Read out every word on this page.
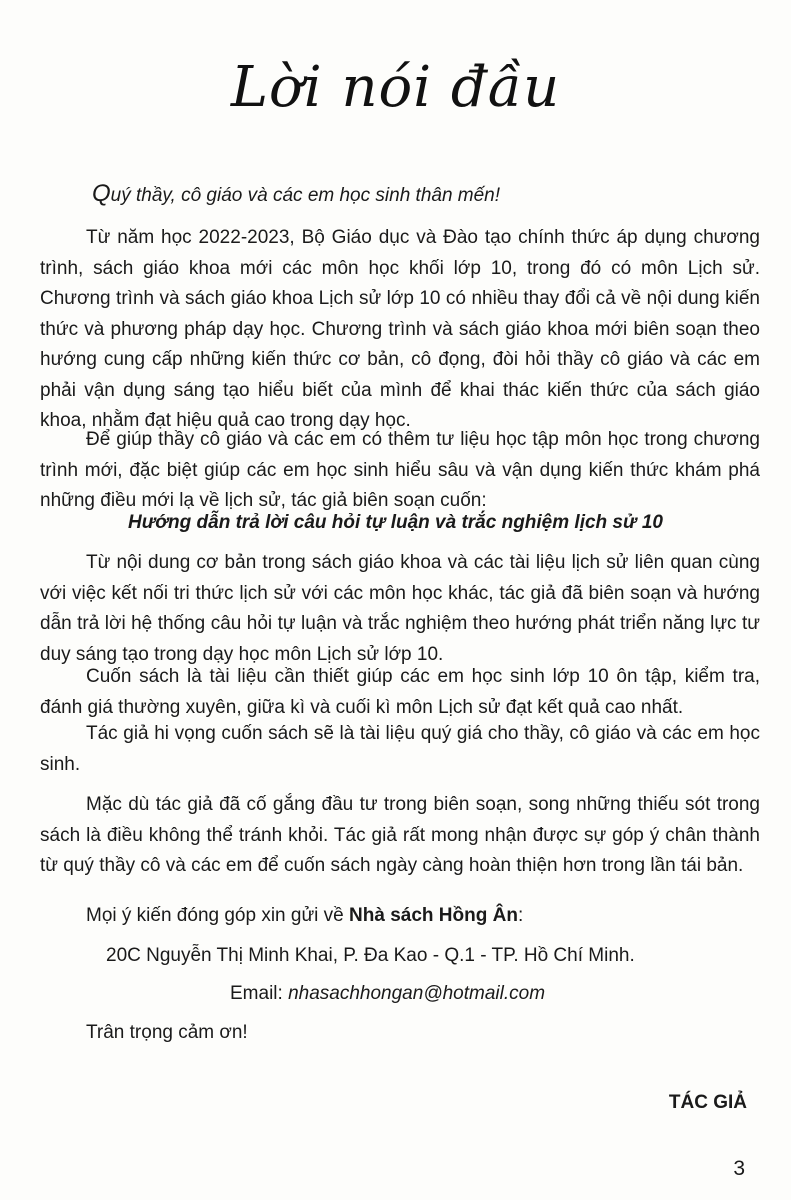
Lời nói đầu
Quý thầy, cô giáo và các em học sinh thân mến!

Từ năm học 2022-2023, Bộ Giáo dục và Đào tạo chính thức áp dụng chương trình, sách giáo khoa mới các môn học khối lớp 10, trong đó có môn Lịch sử. Chương trình và sách giáo khoa Lịch sử lớp 10 có nhiều thay đổi cả về nội dung kiến thức và phương pháp dạy học. Chương trình và sách giáo khoa mới biên soạn theo hướng cung cấp những kiến thức cơ bản, cô đọng, đòi hỏi thầy cô giáo và các em phải vận dụng sáng tạo hiểu biết của mình để khai thác kiến thức của sách giáo khoa, nhằm đạt hiệu quả cao trong dạy học.

Để giúp thầy cô giáo và các em có thêm tư liệu học tập môn học trong chương trình mới, đặc biệt giúp các em học sinh hiểu sâu và vận dụng kiến thức khám phá những điều mới lạ về lịch sử, tác giả biên soạn cuốn:

Hướng dẫn trả lời câu hỏi tự luận và trắc nghiệm lịch sử 10

Từ nội dung cơ bản trong sách giáo khoa và các tài liệu lịch sử liên quan cùng với việc kết nối tri thức lịch sử với các môn học khác, tác giả đã biên soạn và hướng dẫn trả lời hệ thống câu hỏi tự luận và trắc nghiệm theo hướng phát triển năng lực tư duy sáng tạo trong dạy học môn Lịch sử lớp 10.

Cuốn sách là tài liệu cần thiết giúp các em học sinh lớp 10 ôn tập, kiểm tra, đánh giá thường xuyên, giữa kì và cuối kì môn Lịch sử đạt kết quả cao nhất.

Tác giả hi vọng cuốn sách sẽ là tài liệu quý giá cho thầy, cô giáo và các em học sinh.

Mặc dù tác giả đã cố gắng đầu tư trong biên soạn, song những thiếu sót trong sách là điều không thể tránh khỏi. Tác giả rất mong nhận được sự góp ý chân thành từ quý thầy cô và các em để cuốn sách ngày càng hoàn thiện hơn trong lần tái bản.

Mọi ý kiến đóng góp xin gửi về Nhà sách Hồng Ân:
20C Nguyễn Thị Minh Khai, P. Đa Kao - Q.1 - TP. Hồ Chí Minh.
Email: nhasachhongan@hotmail.com
Trân trọng cảm ơn!
TÁC GIẢ
3
